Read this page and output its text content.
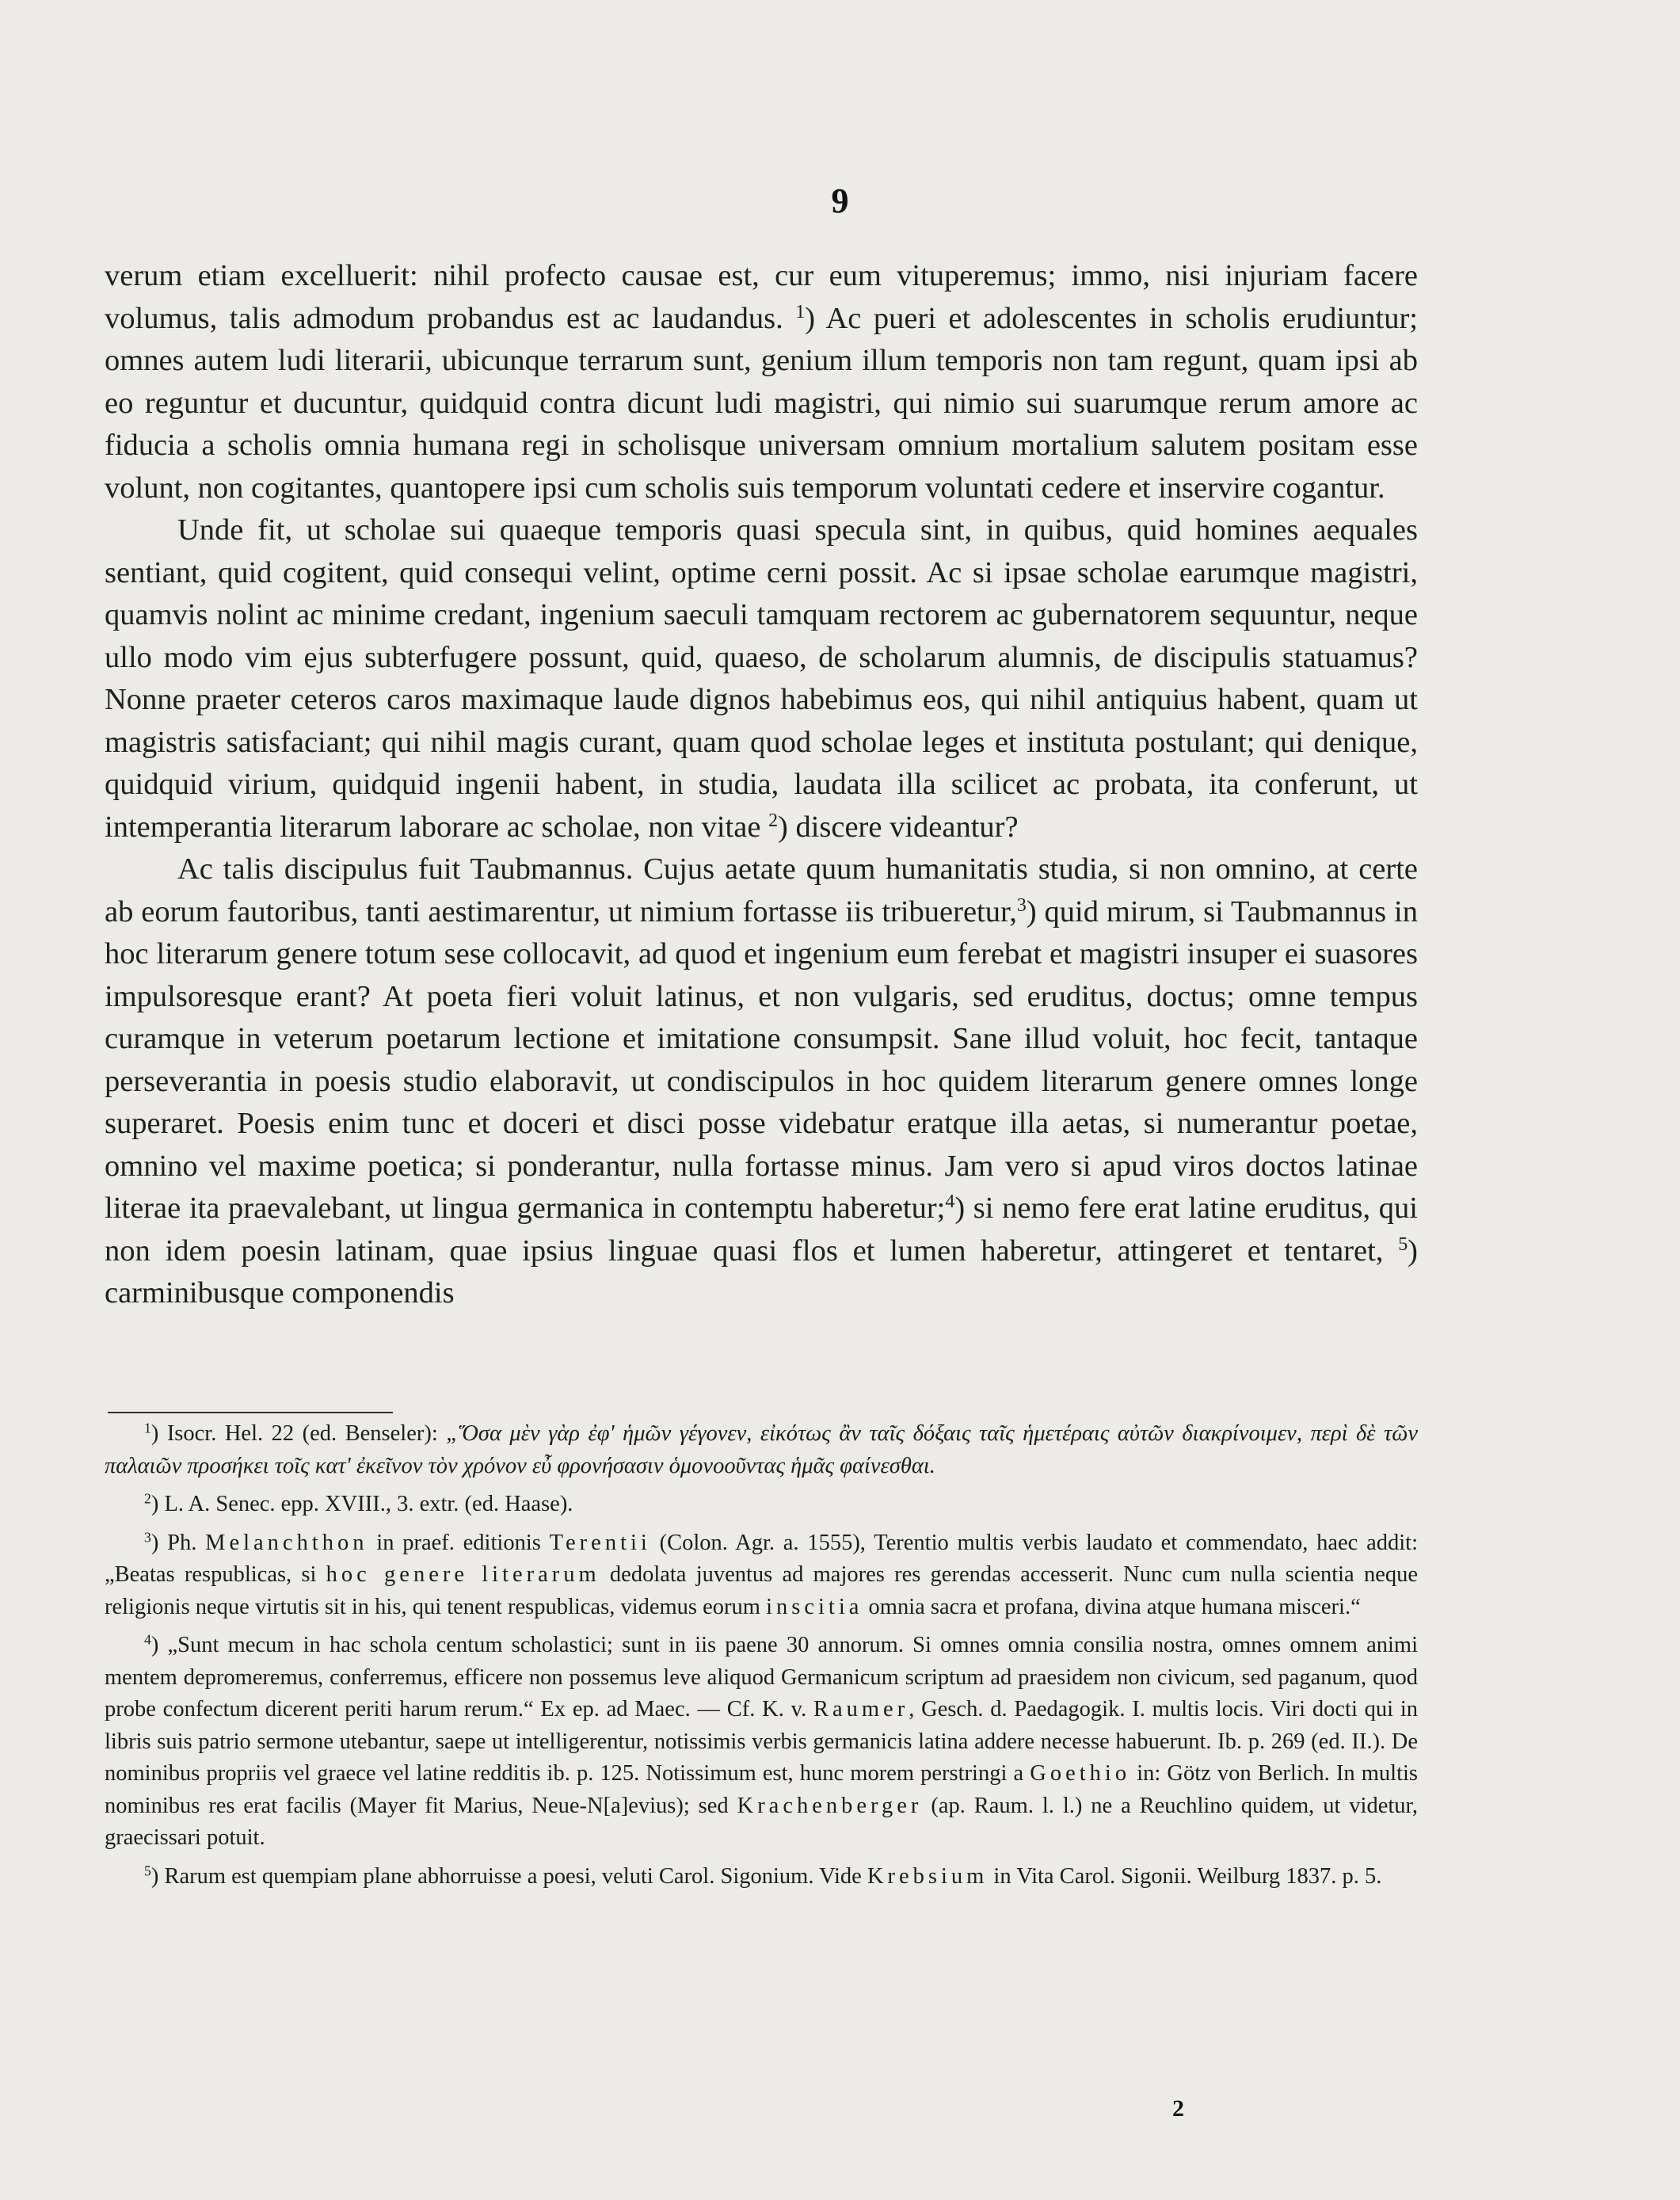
9

verum etiam excelluerit: nihil profecto causae est, cur eum vituperemus; immo, nisi injuriam facere volumus, talis admodum probandus est ac laudandus. $^1$) Ac pueri et adolescentes in scholis erudiuntur; omnes autem ludi literarii, ubicunque terrarum sunt, genium illum temporis non tam regunt, quam ipsi ab eo reguntur et ducuntur, quidquid contra dicunt ludi magistri, qui nimio sui suarumque rerum amore ac fiducia a scholis omnia humana regi in scholisque universam omnium mortalium salutem positam esse volunt, non cogitantes, quantopere ipsi cum scholis suis temporum voluntati cedere et inservire cogantur.

Unde fit, ut scholae sui quaeque temporis quasi specula sint, in quibus, quid homines aequales sentiant, quid cogitent, quid consequi velint, optime cerni possit. Ac si ipsae scholae earumque magistri, quamvis nolint ac minime credant, ingenium saeculi tamquam rectorem ac gubernatorem sequuntur, neque ullo modo vim ejus subterfugere possunt, quid, quaeso, de scholarum alumnis, de discipulis statuamus? Nonne praeter ceteros caros maximaque laude dignos habebimus eos, qui nihil antiquius habent, quam ut magistris satisfaciant; qui nihil magis curant, quam quod scholae leges et instituta postulant; qui denique, quidquid virium, quidquid ingenii habent, in studia, laudata illa scilicet ac probata, ita conferunt, ut intemperantia literarum laborare ac scholae, non vitae $^2$) discere videantur?

Ac talis discipulus fuit Taubmannus. Cujus aetate quum humanitatis studia, si non omnino, at certe ab eorum fautoribus, tanti aestimarentur, ut nimium fortasse iis tribueretur,$^3$) quid mirum, si Taubmannus in hoc literarum genere totum sese collocavit, ad quod et ingenium eum ferebat et magistri insuper ei suasores impulsoresque erant? At poeta fieri voluit latinus, et non vulgaris, sed eruditus, doctus; omne tempus curamque in veterum poetarum lectione et imitatione consumpsit. Sane illud voluit, hoc fecit, tantaque perseverantia in poesis studio elaboravit, ut condiscipulos in hoc quidem literarum genere omnes longe superaret. Poesis enim tunc et doceri et disci posse videbatur eratque illa aetas, si numerantur poetae, omnino vel maxime poetica; si ponderantur, nulla fortasse minus. Jam vero si apud viros doctos latinae literae ita praevalebant, ut lingua germanica in contemptu haberetur;$^4$) si nemo fere erat latine eruditus, qui non idem poesin latinam, quae ipsius linguae quasi flos et lumen haberetur, attingeret et tentaret, $^5$) carminibusque componendis

$^1$) Isocr. Hel. 22 (ed. Benseler): „Ὅσα μὲν γὰρ ἐφ' ἡμῶν γέγονεν, εἰκότως ἂν ταῖς δόξαις ταῖς ἡμετέραις αὐτῶν διακρίνοιμεν, περὶ δὲ τῶν παλαιῶν προσήκει τοῖς κατ' ἐκεῖνον τὸν χρόνον εὖ φρονήσασιν ὁμονοοῦντας ἡμᾶς φαίνεσθαι.

$^2$) L. A. Senec. epp. XVIII., 3. extr. (ed. Haase).

$^3$) Ph. Melanchthon in praef. editionis Terentii (Colon. Agr. a. 1555), Terentio multis verbis laudato et commendato, haec addit: „Beatas respublicas, si hoc genere literarum dedolata juventus ad majores res gerendas accesserit. Nunc cum nulla scientia neque religionis neque virtutis sit in his, qui tenent respublicas, videmus eorum inscitia omnia sacra et profana, divina atque humana misceri.“

$^4$) „Sunt mecum in hac schola centum scholastici; sunt in iis paene 30 annorum. Si omnes omnia consilia nostra, omnes omnem animi mentem depromeremus, conferremus, efficere non possemus leve aliquod Germanicum scriptum ad praesidem non civicum, sed paganum, quod probe confectum dicerent periti harum rerum.“ Ex ep. ad Maec. — Cf. K. v. Raumer, Gesch. d. Paedagogik. I. multis locis. Viri docti qui in libris suis patrio sermone utebantur, saepe ut intelligerentur, notissimis verbis germanicis latina addere necesse habuerunt. Ib. p. 269 (ed. II.). De nominibus propriis vel graece vel latine redditis ib. p. 125. Notissimum est, hunc morem perstringi a Goethio in: Götz von Berlich. In multis nominibus res erat facilis (Mayer fit Marius, Neue-N[a]evius); sed Krachenberger (ap. Raum. l. l.) ne a Reuchlino quidem, ut videtur, graecissari potuit.

$^5$) Rarum est quempiam plane abhorruisse a poesi, veluti Carol. Sigonium. Vide Krebsium in Vita Carol. Sigonii. Weilburg 1837. p. 5.

2
